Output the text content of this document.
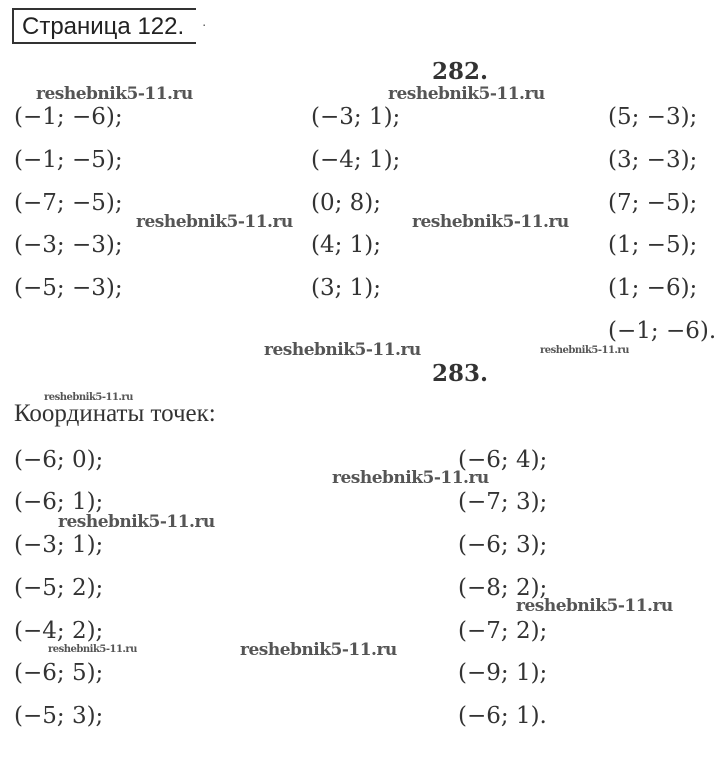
Страница 122. .
282.
(−1; −6);
(−1; −5);
(−7; −5);
(−3; −3);
(−5; −3);
(−3; 1);
(−4; 1);
(0; 8);
(4; 1);
(3; 1);
(5; −3);
(3; −3);
(7; −5);
(1; −5);
(1; −6);
(−1; −6).
283.
Координаты точек:
(−6; 0);
(−6; 1);
(−3; 1);
(−5; 2);
(−4; 2);
(−6; 5);
(−5; 3);
(−6; 4);
(−7; 3);
(−6; 3);
(−8; 2);
(−7; 2);
(−9; 1);
(−6; 1).
reshebnik5-11.ru	reshebnik5-11.ru
reshebnik5-11.ru	reshebnik5-11.ru
reshebnik5-11.ru	reshebnik5-11.ru
reshebnik5-11.ru
reshebnik5-11.ru
reshebnik5-11.ru
reshebnik5-11.ru
reshebnik5-11.ru	reshebnik5-11.ru
